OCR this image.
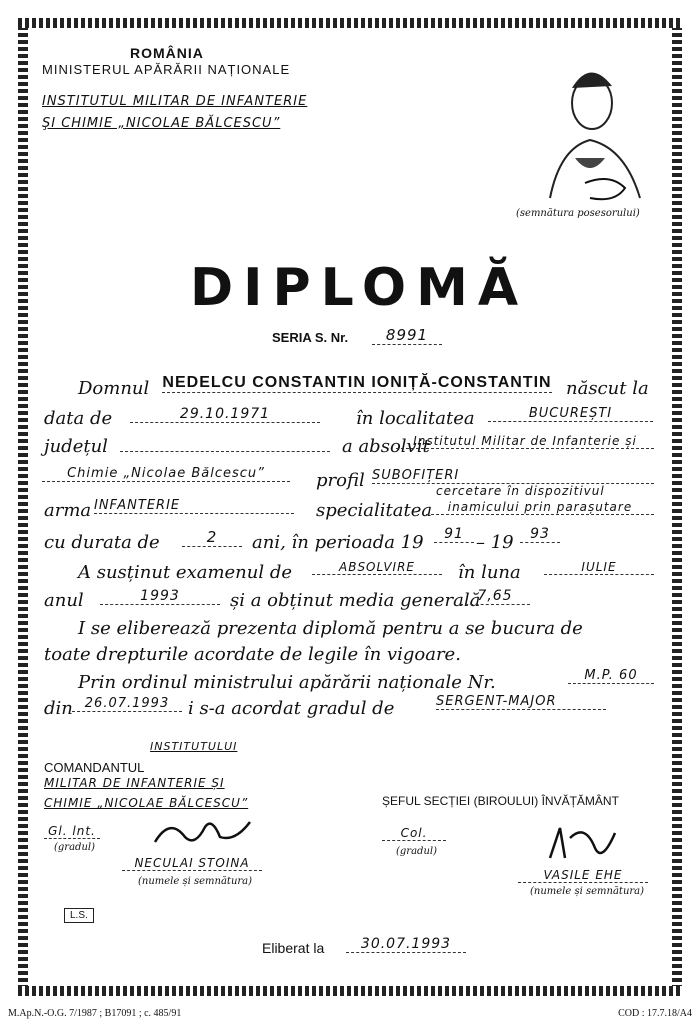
ROMÂNIA
MINISTERUL APĂRĂRII NAȚIONALE
INSTITUTUL MILITAR DE INFANTERIE
ŞI CHIMIE „NICOLAE BĂLCESCU”
(semnătura posesorului)
DIPLOMĂ
SERIA S. Nr.	8991
Domnul NEDELCU CONSTANTIN IONIȚĂ-CONSTANTIN născut la
data de	29.10.1971	în localitatea	BUCUREȘTI
județul	a absolvit
Institutul Militar de Infanterie și
Chimie „Nicolae Bălcescu”	profil SUBOFIȚERI
arma INFANTERIE	specialitatea
cercetare în dispozitivul
inamicului prin parașutare
cu durata de	2	ani, în perioada 19	91 – 19	93
A susținut examenul de	ABSOLVIRE	în luna	IULIE
anul	1993	și a obținut media generală
7,65
I se eliberează prezenta diplomă pentru a se bucura de
toate drepturile acordate de legile în vigoare.
Prin ordinul ministrului apărării naționale Nr.	M.P. 60
din 26.07.1993	i s-a acordat gradul de	SERGENT-MAJOR
COMANDANTUL
INSTITUTULUI
MILITAR DE INFANTERIE ȘI
CHIMIE „NICOLAE BĂLCESCU”
Gl. lnt.
(gradul)
NECULAI STOINA
(numele și semnătura)
ȘEFUL SECȚIEI (BIROULUI) ÎNVĂȚĂMÂNT
Col.
(gradul)
VASILE EHE
(numele și semnătura)
L.S.
Eliberat la	30.07.1993
M.Ap.N.-O.G. 7/1987 ; B17091 ; c. 485/91	COD : 17.7.18/A4
